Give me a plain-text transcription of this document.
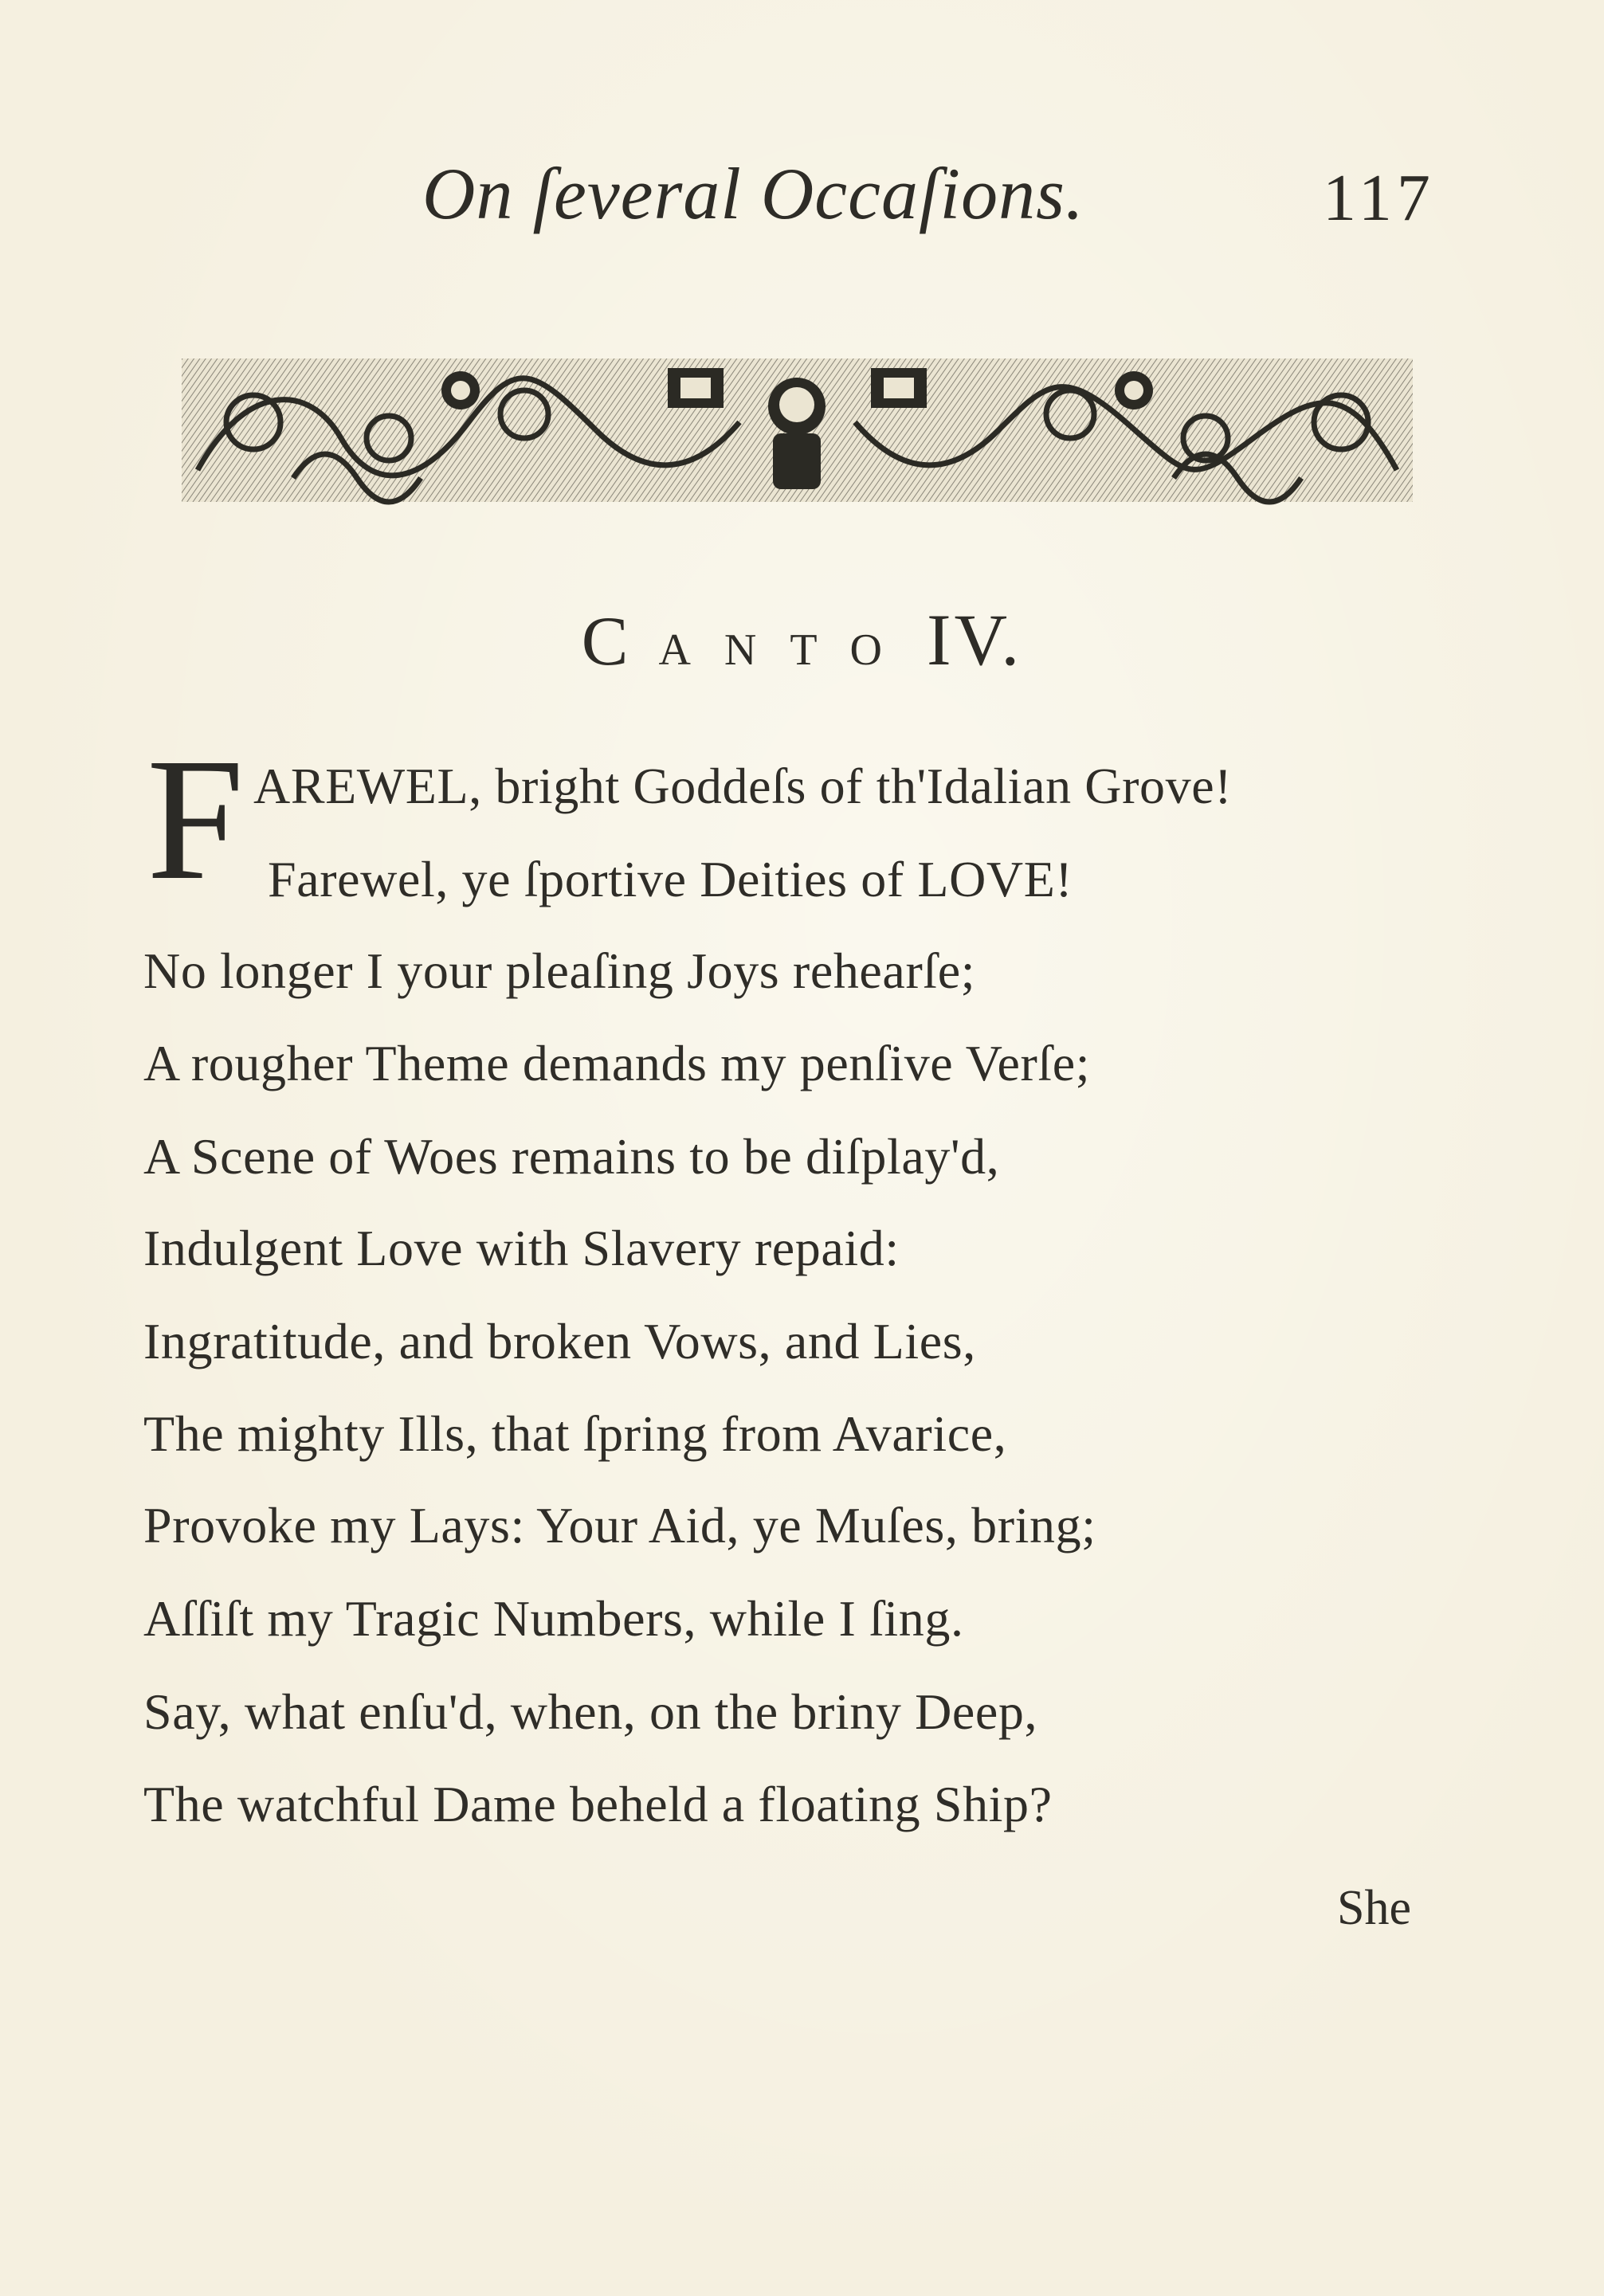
On ſeveral Occaſions.	117
CANTO IV.
F AREWEL, bright Goddeſs of th'Idalian Grove!
Farewel, ye ſportive Deities of LOVE!
No longer I your pleaſing Joys rehearſe;
A rougher Theme demands my penſive Verſe;
A Scene of Woes remains to be diſplay'd,
Indulgent Love with Slavery repaid:
Ingratitude, and broken Vows, and Lies,
The mighty Ills, that ſpring from Avarice,
Provoke my Lays: Your Aid, ye Muſes, bring;
Aſſiſt my Tragic Numbers, while I ſing.
Say, what enſu'd, when, on the briny Deep,
The watchful Dame beheld a floating Ship?
She
